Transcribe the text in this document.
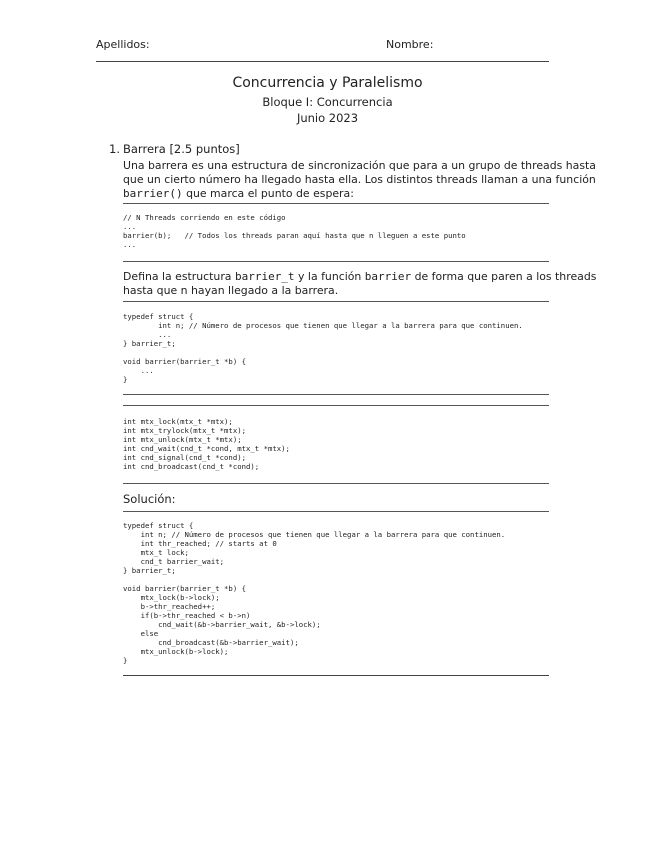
Apellidos:	Nombre:
Concurrencia y Paralelismo
Bloque I: Concurrencia
Junio 2023
1. Barrera [2.5 puntos]
Una barrera es una estructura de sincronización que para a un grupo de threads hasta
que un cierto número ha llegado hasta ella. Los distintos threads llaman a una función
barrier() que marca el punto de espera:
// N Threads corriendo en este código
...
barrier(b);   // Todos los threads paran aquí hasta que n lleguen a este punto
...
Defina la estructura barrier_t y la función barrier de forma que paren a los threads
hasta que n hayan llegado a la barrera.
typedef struct {
int n; // Número de procesos que tienen que llegar a la barrera para que continuen.
...
} barrier_t;
void barrier(barrier_t *b) {
...
}
int mtx_lock(mtx_t *mtx);
int mtx_trylock(mtx_t *mtx);
int mtx_unlock(mtx_t *mtx);
int cnd_wait(cnd_t *cond, mtx_t *mtx);
int cnd_signal(cnd_t *cond);
int cnd_broadcast(cnd_t *cond);
Solución:
typedef struct {
int n; // Número de procesos que tienen que llegar a la barrera para que continuen.
int thr_reached; // starts at 0
mtx_t lock;
cnd_t barrier_wait;
} barrier_t;
void barrier(barrier_t *b) {
mtx_lock(b->lock);
b->thr_reached++;
if(b->thr_reached < b->n)
cnd_wait(&b->barrier_wait, &b->lock);
else
cnd_broadcast(&b->barrier_wait);
mtx_unlock(b->lock);
}
